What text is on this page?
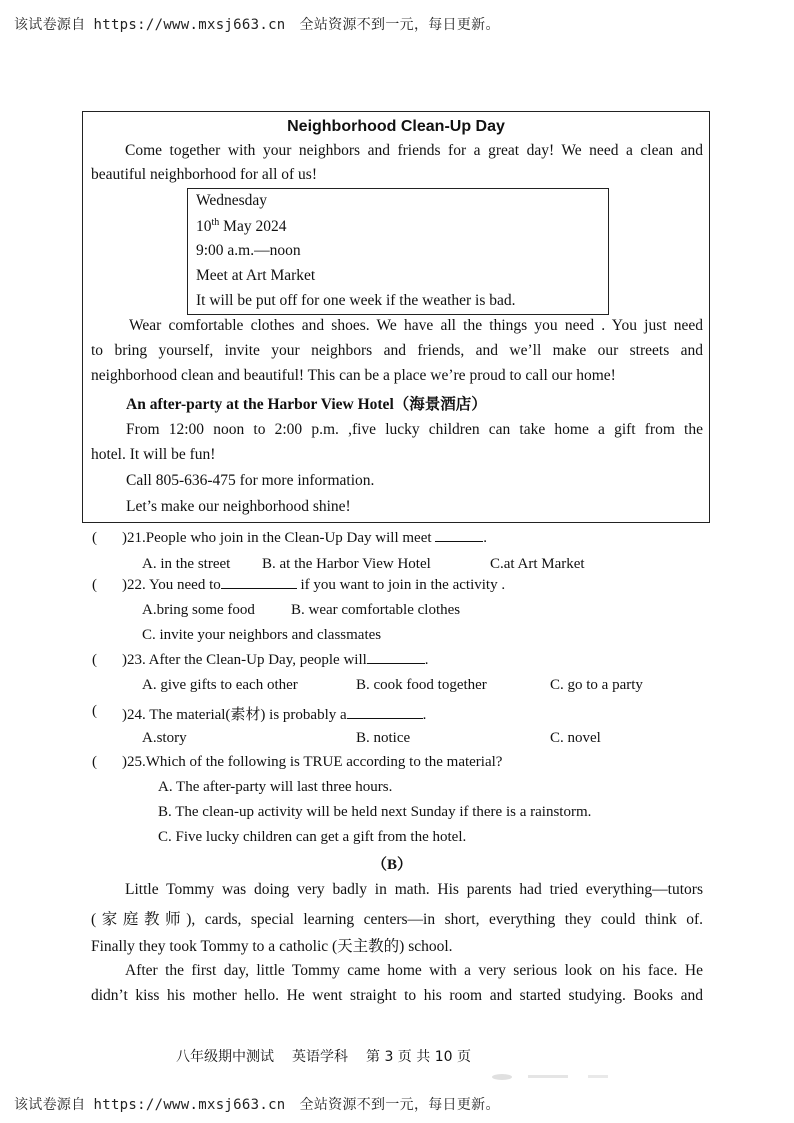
该试卷源自 https://www.mxsj663.cn 全站资源不到一元，每日更新。
Neighborhood Clean-Up Day
Come together with your neighbors and friends for a great day! We need a clean and
beautiful neighborhood for all of us!
Wednesday
10th May 2024
9:00 a.m.—noon
Meet at Art Market
It will be put off for one week if the weather is bad.
Wear comfortable clothes and shoes. We have all the things you need . You just need
to bring yourself, invite your neighbors and friends, and we’ll make our streets and
neighborhood clean and beautiful! This can be a place we’re proud to call our home!
An after-party at the Harbor View Hotel（海景酒店）
From 12:00 noon to 2:00 p.m. ,five lucky children can take home a gift from the
hotel. It will be fun!
Call 805-636-475 for more information.
Let’s make our neighborhood shine!
( )21.People who join in the Clean-Up Day will meet	.
A. in the street B. at the Harbor View Hotel	C.at Art Market
( )22. You need to	if you want to join in the activity .
A.bring some food B. wear comfortable clothes
C. invite your neighbors and classmates
( )23. After the Clean-Up Day, people will	.
A. give gifts to each other	B. cook food together	C. go to a party
( )24. The material(素材) is probably a	.
A.story	B. notice	C. novel
( )25.Which of the following is TRUE according to the material?
A. The after-party will last three hours.
B. The clean-up activity will be held next Sunday if there is a rainstorm.
C. Five lucky children can get a gift from the hotel.
（B）
Little Tommy was doing very badly in math. His parents had tried everything—tutors
(家庭教师), cards, special learning centers—in short, everything they could think of.
Finally they took Tommy to a catholic (天主教的) school.
After the first day, little Tommy came home with a very serious look on his face. He
didn’t kiss his mother hello. He went straight to his room and started studying. Books and
八年级期中测试 英语学科 第 3 页 共 10 页
该试卷源自 https://www.mxsj663.cn 全站资源不到一元，每日更新。
